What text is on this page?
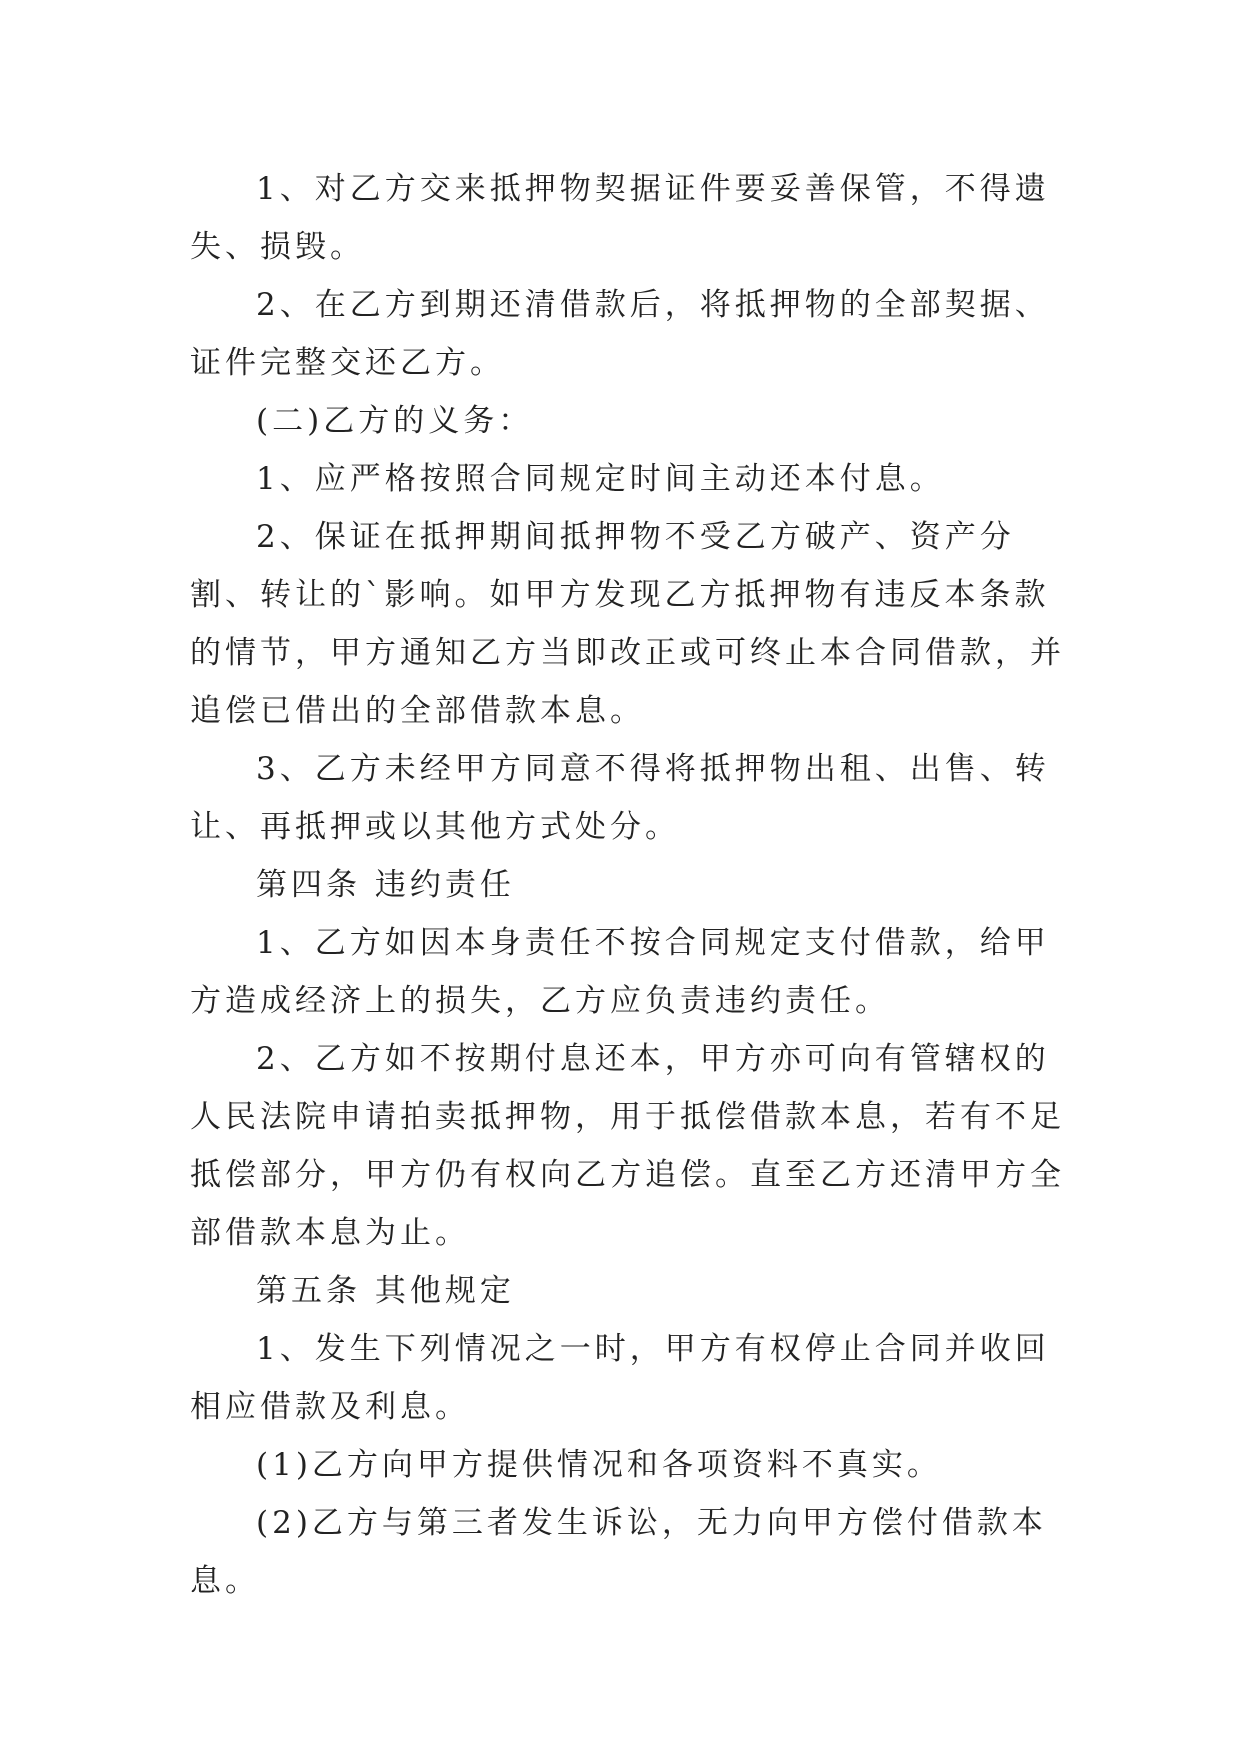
1、对乙方交来抵押物契据证件要妥善保管，不得遗失、损毁。

2、在乙方到期还清借款后，将抵押物的全部契据、证件完整交还乙方。

(二)乙方的义务：

1、应严格按照合同规定时间主动还本付息。

2、保证在抵押期间抵押物不受乙方破产、资产分割、转让的`影响。如甲方发现乙方抵押物有违反本条款的情节，甲方通知乙方当即改正或可终止本合同借款，并追偿已借出的全部借款本息。

3、乙方未经甲方同意不得将抵押物出租、出售、转让、再抵押或以其他方式处分。

第四条 违约责任

1、乙方如因本身责任不按合同规定支付借款，给甲方造成经济上的损失，乙方应负责违约责任。

2、乙方如不按期付息还本，甲方亦可向有管辖权的人民法院申请拍卖抵押物，用于抵偿借款本息，若有不足抵偿部分，甲方仍有权向乙方追偿。直至乙方还清甲方全部借款本息为止。

第五条 其他规定

1、发生下列情况之一时，甲方有权停止合同并收回相应借款及利息。

(1)乙方向甲方提供情况和各项资料不真实。

(2)乙方与第三者发生诉讼，无力向甲方偿付借款本息。
